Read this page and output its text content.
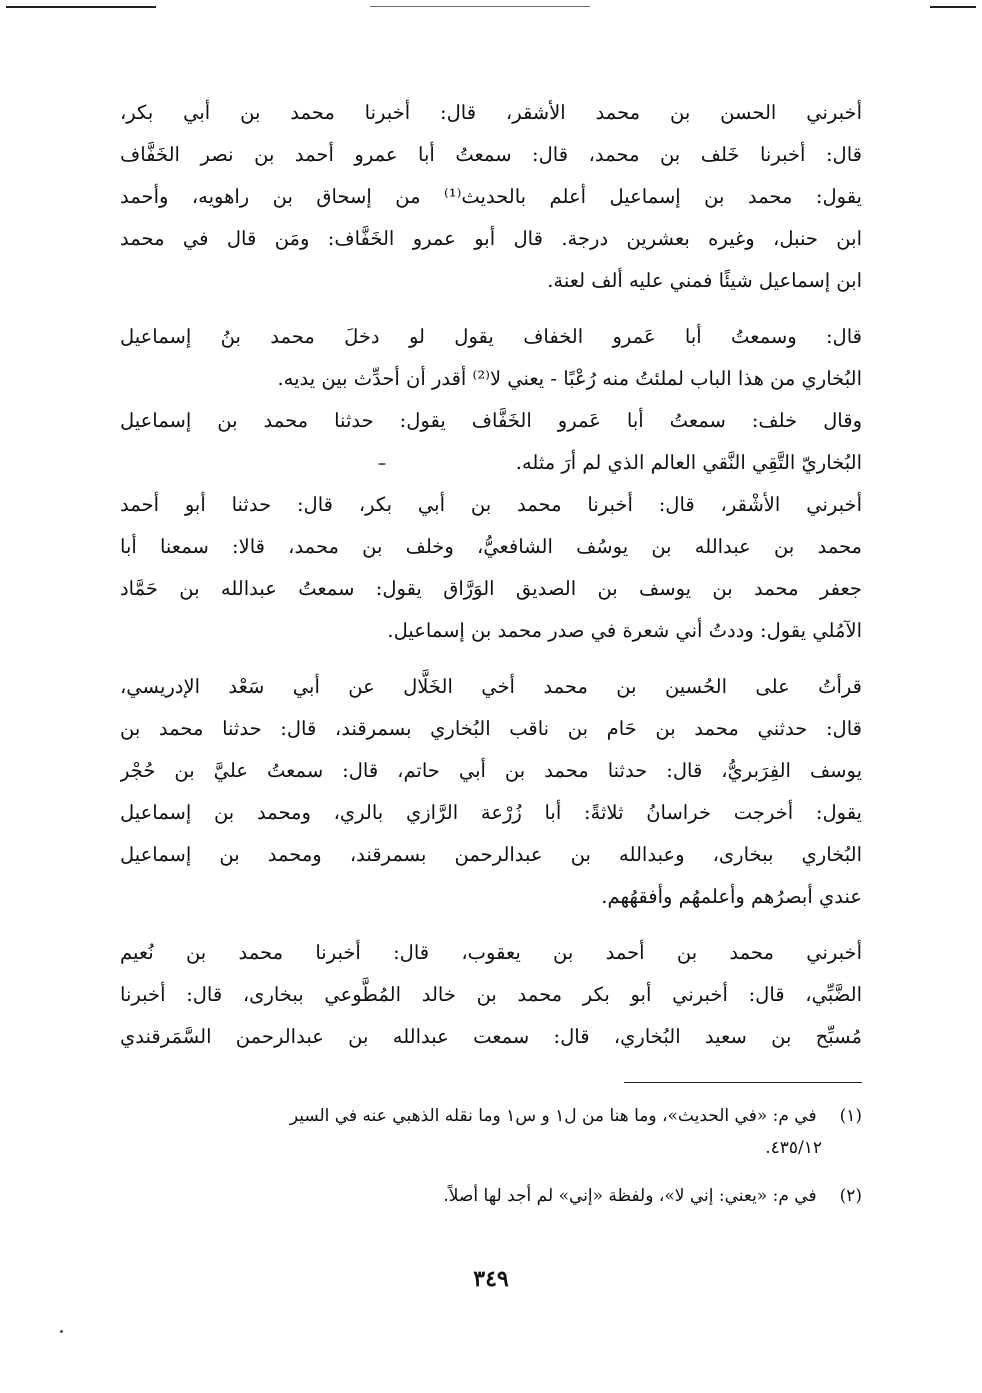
أخبرني الحسن بن محمد الأشقر، قال: أخبرنا محمد بن أبي بكر،
قال: أخبرنا خَلف بن محمد، قال: سمعتُ أبا عمرو أحمد بن نصر الخَفَّاف
يقول: محمد بن إسماعيل أعلم بالحديث⁽¹⁾ من إسحاق بن راهويه، وأحمد
ابن حنبل، وغيره بعشرين درجة. قال أبو عمرو الخَفَّاف: ومَن قال في محمد
ابن إسماعيل شيئًا فمني عليه ألف لعنة.
قال: وسمعتُ أبا عَمرو الخفاف يقول لو دخلَ محمد بنُ إسماعيل
البُخاري من هذا الباب لملئتُ منه رُعْبًا - يعني لا⁽²⁾ أقدر أن أحدِّث بين يديه.
وقال خلف: سمعتُ أبا عَمرو الخَفَّاف يقول: حدثنا محمد بن إسماعيل
البُخاريّ التَّقِي النَّقي العالم الذي لم أرَ مثله.
أخبرني الأشْقر، قال: أخبرنا محمد بن أبي بكر، قال: حدثنا أبو أحمد
محمد بن عبدالله بن يوسُف الشافعيُّ، وخلف بن محمد، قالا: سمعنا أبا
جعفر محمد بن يوسف بن الصديق الوَرَّاق يقول: سمعتُ عبدالله بن حَمَّاد
الآمُلي يقول: وددتُ أني شعرة في صدر محمد بن إسماعيل.
قرأتُ على الحُسين بن محمد أخي الخَلَّال عن أبي سَعْد الإدريسي،
قال: حدثني محمد بن حَام بن ناقب البُخاري بسمرقند، قال: حدثنا محمد بن
يوسف الفِرَبريُّ، قال: حدثنا محمد بن أبي حاتم، قال: سمعتُ عليَّ بن حُجْر
يقول: أخرجت خراسانُ ثلاثةً: أبا زُرْعة الرَّازي بالري، ومحمد بن إسماعيل
البُخاري ببخارى، وعبدالله بن عبدالرحمن بسمرقند، ومحمد بن إسماعيل
عندي أبصرُهم وأعلمهُم وأفقهُهم.
أخبرني محمد بن أحمد بن يعقوب، قال: أخبرنا محمد بن نُعيم
الضَّبِّي، قال: أخبرني أبو بكر محمد بن خالد المُطَّوعي ببخارى، قال: أخبرنا
مُسبِّح بن سعيد البُخاري، قال: سمعت عبدالله بن عبدالرحمن السَّمَرقندي
(١) في م: «في الحديث»، وما هنا من ل١ و س١ وما نقله الذهبي عنه في السير
٤٣٥/١٢.
(٢) في م: «يعني: إني لا»، ولفظة «إني» لم أجد لها أصلاً.
٣٤٩
